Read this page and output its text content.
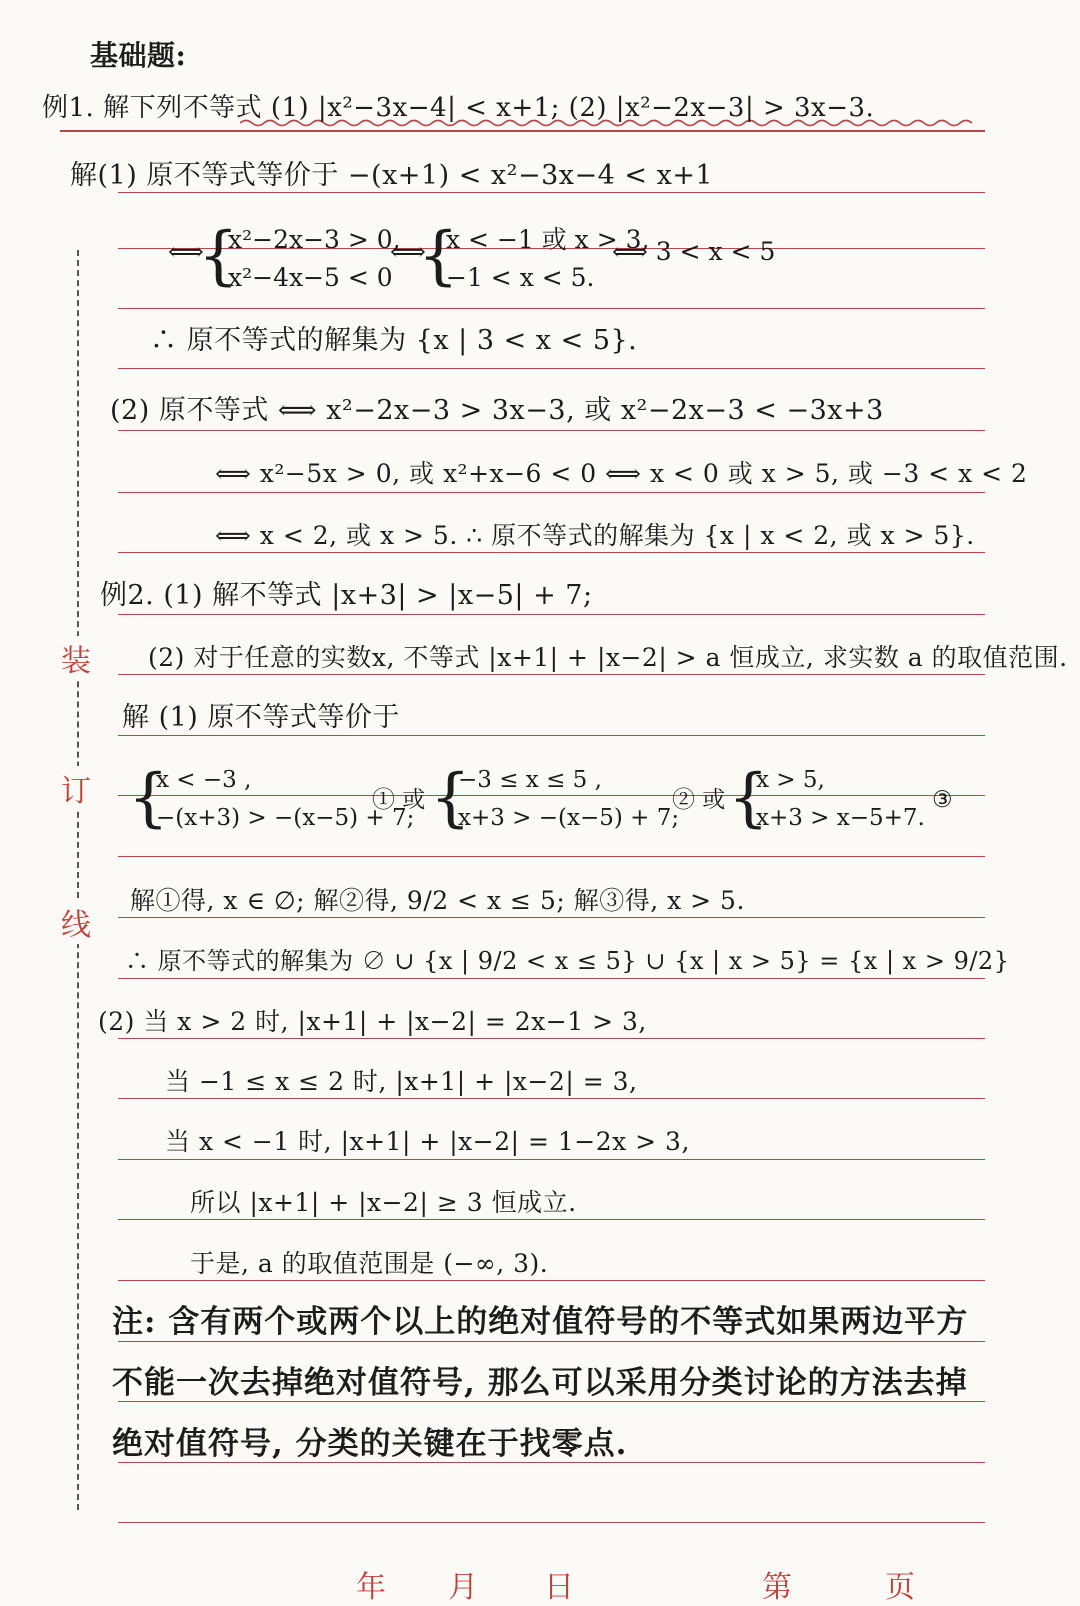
装
订
线
基础题:
例1. 解下列不等式 (1) |x²−3x−4| < x+1; (2) |x²−2x−3| > 3x−3.
解(1) 原不等式等价于 −(x+1) < x²−3x−4 < x+1
⟺
{
x²−2x−3 > 0,
x²−4x−5 < 0
⟺
{
x < −1 或 x > 3,
−1 < x < 5.
⟺ 3 < x < 5
∴ 原不等式的解集为 {x | 3 < x < 5}.
(2) 原不等式 ⟺ x²−2x−3 > 3x−3, 或 x²−2x−3 < −3x+3
⟺ x²−5x > 0, 或 x²+x−6 < 0 ⟺ x < 0 或 x > 5, 或 −3 < x < 2
⟺ x < 2, 或 x > 5. ∴ 原不等式的解集为 {x | x < 2, 或 x > 5}.
例2. (1) 解不等式 |x+3| > |x−5| + 7;
(2) 对于任意的实数x, 不等式 |x+1| + |x−2| > a 恒成立, 求实数 a 的取值范围.
解 (1) 原不等式等价于
{
x < −3 ,
−(x+3) > −(x−5) + 7;
① 或 {
−3 ≤ x ≤ 5 ,
x+3 > −(x−5) + 7;
② 或 {
x > 5,
x+3 > x−5+7.
③
解①得, x ∈ ∅; 解②得, 9/2 < x ≤ 5; 解③得, x > 5.
∴ 原不等式的解集为 ∅ ∪ {x | 9/2 < x ≤ 5} ∪ {x | x > 5} = {x | x > 9/2}
(2) 当 x > 2 时, |x+1| + |x−2| = 2x−1 > 3,
当 −1 ≤ x ≤ 2 时, |x+1| + |x−2| = 3,
当 x < −1 时, |x+1| + |x−2| = 1−2x > 3,
所以 |x+1| + |x−2| ≥ 3 恒成立.
于是, a 的取值范围是 (−∞, 3).
注: 含有两个或两个以上的绝对值符号的不等式如果两边平方
不能一次去掉绝对值符号, 那么可以采用分类讨论的方法去掉
绝对值符号, 分类的关键在于找零点.
年 月 日	第	页
